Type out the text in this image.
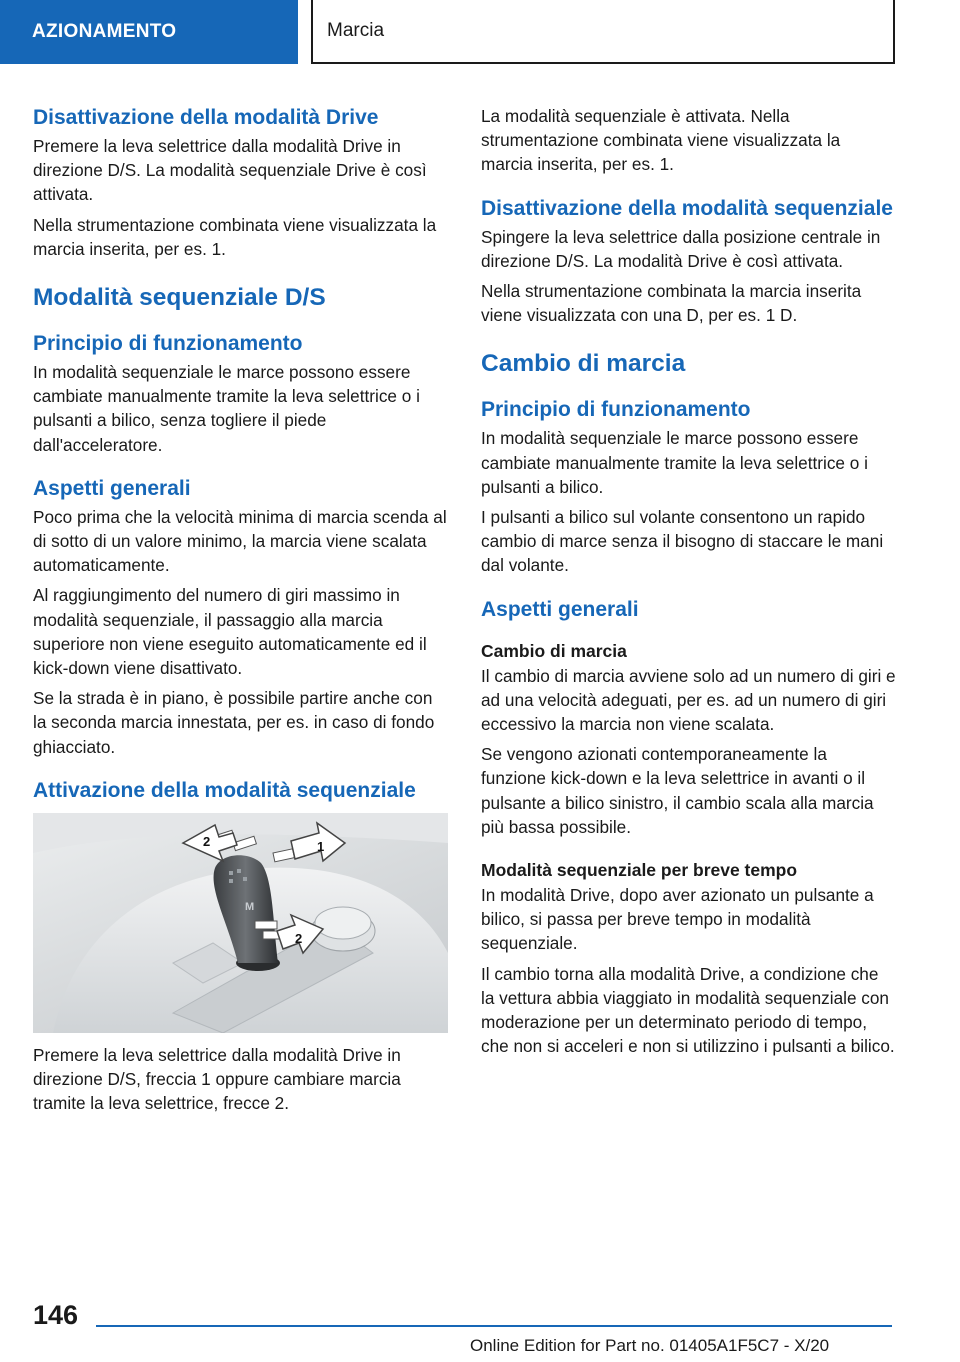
AZIONAMENTO	Marcia
Disattivazione della modalità Drive

Premere la leva selettrice dalla modalità Drive in direzione D/S. La modalità sequenziale Drive è così attivata.

Nella strumentazione combinata viene visualizzata la marcia inserita, per es. 1.

Modalità sequenziale D/S
Principio di funzionamento

In modalità sequenziale le marce possono essere cambiate manualmente tramite la leva selettrice o i pulsanti a bilico, senza togliere il piede dall'acceleratore.

Aspetti generali

Poco prima che la velocità minima di marcia scenda al di sotto di un valore minimo, la marcia viene scalata automaticamente.

Al raggiungimento del numero di giri massimo in modalità sequenziale, il passaggio alla marcia superiore non viene eseguito automaticamente ed il kick-down viene disattivato.

Se la strada è in piano, è possibile partire anche con la seconda marcia innestata, per es. in caso di fondo ghiacciato.

Attivazione della modalità sequenziale
M
2	1
2

Premere la leva selettrice dalla modalità Drive in direzione D/S, freccia 1 oppure cambiare marcia tramite la leva selettrice, frecce 2.

La modalità sequenziale è attivata. Nella strumentazione combinata viene visualizzata la marcia inserita, per es. 1.

Disattivazione della modalità sequenziale

Spingere la leva selettrice dalla posizione centrale in direzione D/S. La modalità Drive è così attivata.

Nella strumentazione combinata la marcia inserita viene visualizzata con una D, per es. 1 D.

Cambio di marcia
Principio di funzionamento

In modalità sequenziale le marce possono essere cambiate manualmente tramite la leva selettrice o i pulsanti a bilico.

I pulsanti a bilico sul volante consentono un rapido cambio di marce senza il bisogno di staccare le mani dal volante.

Aspetti generali
Cambio di marcia

Il cambio di marcia avviene solo ad un numero di giri e ad una velocità adeguati, per es. ad un numero di giri eccessivo la marcia non viene scalata.

Se vengono azionati contemporaneamente la funzione kick-down e la leva selettrice in avanti o il pulsante a bilico sinistro, il cambio scala alla marcia più bassa possibile.

Modalità sequenziale per breve tempo

In modalità Drive, dopo aver azionato un pulsante a bilico, si passa per breve tempo in modalità sequenziale.

Il cambio torna alla modalità Drive, a condizione che la vettura abbia viaggiato in modalità sequenziale con moderazione per un determinato periodo di tempo, che non si acceleri e non si utilizzino i pulsanti a bilico.

146
Online Edition for Part no. 01405A1F5C7 - X/20
